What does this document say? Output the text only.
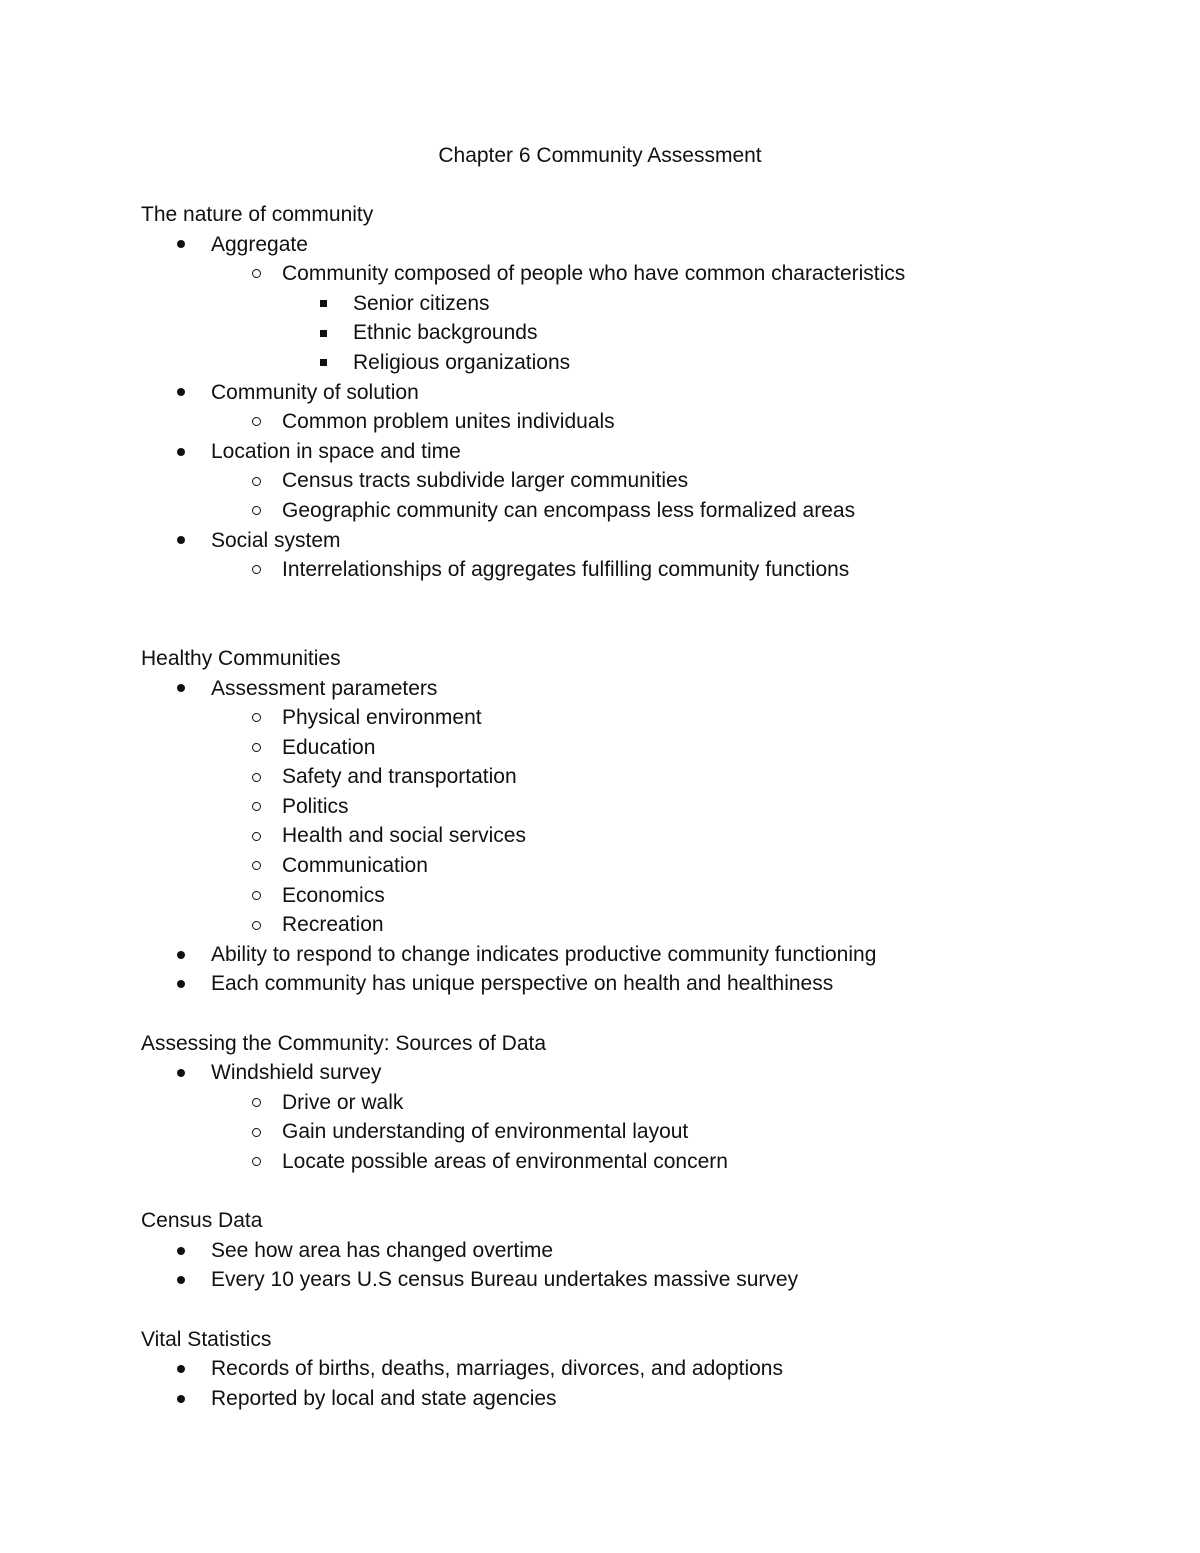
Chapter 6 Community Assessment
The nature of community
Aggregate
Community composed of people who have common characteristics
Senior citizens
Ethnic backgrounds
Religious organizations
Community of solution
Common problem unites individuals
Location in space and time
Census tracts subdivide larger communities
Geographic community can encompass less formalized areas
Social system
Interrelationships of aggregates fulfilling community functions
Healthy Communities
Assessment parameters
Physical environment
Education
Safety and transportation
Politics
Health and social services
Communication
Economics
Recreation
Ability to respond to change indicates productive community functioning
Each community has unique perspective on health and healthiness
Assessing the Community: Sources of Data
Windshield survey
Drive or walk
Gain understanding of environmental layout
Locate possible areas of environmental concern
Census Data
See how area has changed overtime
Every 10 years U.S census Bureau undertakes massive survey
Vital Statistics
Records of births, deaths, marriages, divorces, and adoptions
Reported by local and state agencies
